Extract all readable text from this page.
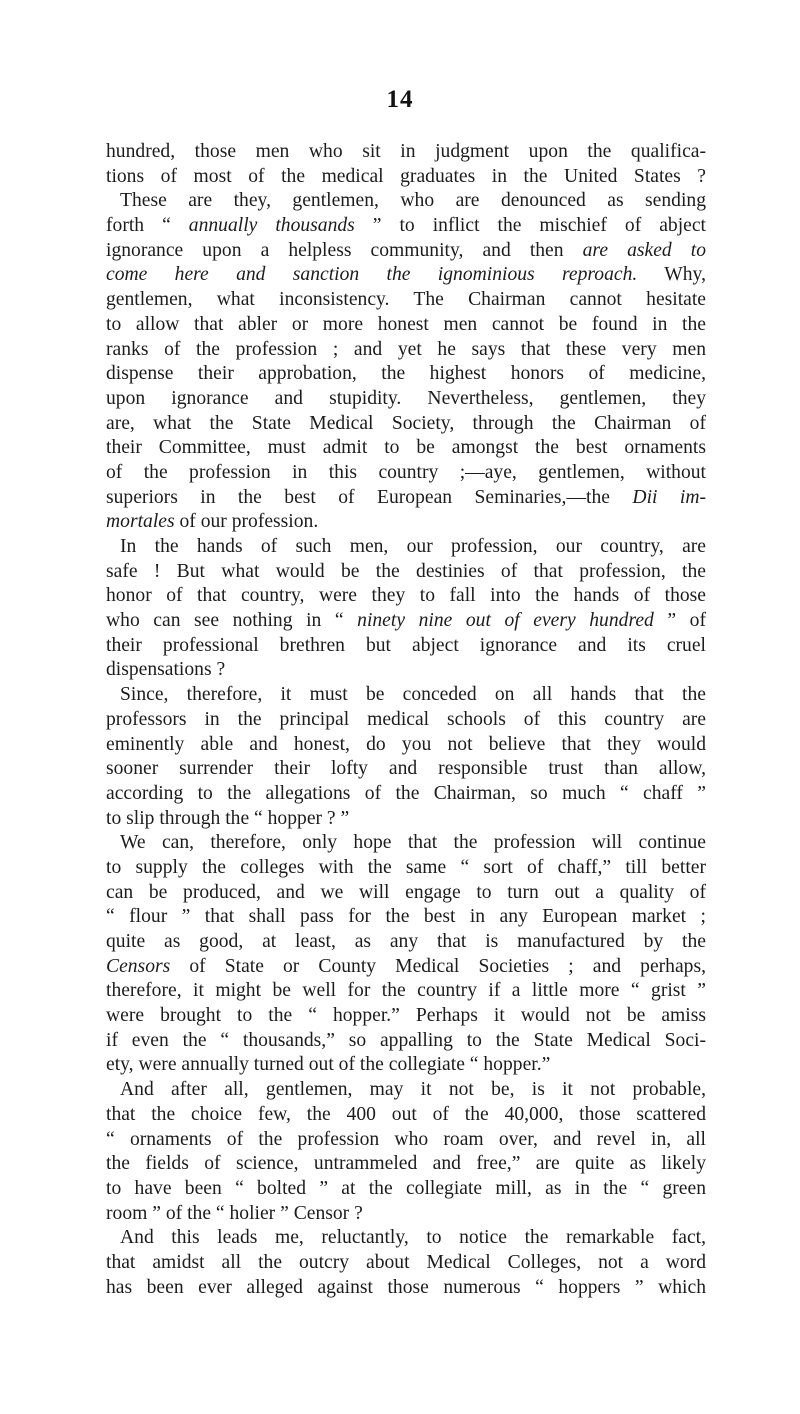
14
hundred, those men who sit in judgment upon the qualifica-
tions of most of the medical graduates in the United States ?
These are they, gentlemen, who are denounced as sending
forth “ annually thousands ” to inflict the mischief of abject
ignorance upon a helpless community, and then are asked to
come here and sanction the ignominious reproach. Why,
gentlemen, what inconsistency. The Chairman cannot hesitate
to allow that abler or more honest men cannot be found in the
ranks of the profession ; and yet he says that these very men
dispense their approbation, the highest honors of medicine,
upon ignorance and stupidity. Nevertheless, gentlemen, they
are, what the State Medical Society, through the Chairman of
their Committee, must admit to be amongst the best ornaments
of the profession in this country ;—aye, gentlemen, without
superiors in the best of European Seminaries,—the Dii im-
mortales of our profession.
In the hands of such men, our profession, our country, are
safe ! But what would be the destinies of that profession, the
honor of that country, were they to fall into the hands of those
who can see nothing in “ ninety nine out of every hundred ” of
their professional brethren but abject ignorance and its cruel
dispensations ?
Since, therefore, it must be conceded on all hands that the
professors in the principal medical schools of this country are
eminently able and honest, do you not believe that they would
sooner surrender their lofty and responsible trust than allow,
according to the allegations of the Chairman, so much “ chaff ”
to slip through the “ hopper ? ”
We can, therefore, only hope that the profession will continue
to supply the colleges with the same “ sort of chaff,” till better
can be produced, and we will engage to turn out a quality of
“ flour ” that shall pass for the best in any European market ;
quite as good, at least, as any that is manufactured by the
Censors of State or County Medical Societies ; and perhaps,
therefore, it might be well for the country if a little more “ grist ”
were brought to the “ hopper.” Perhaps it would not be amiss
if even the “ thousands,” so appalling to the State Medical Soci-
ety, were annually turned out of the collegiate “ hopper.”
And after all, gentlemen, may it not be, is it not probable,
that the choice few, the 400 out of the 40,000, those scattered
“ ornaments of the profession who roam over, and revel in, all
the fields of science, untrammeled and free,” are quite as likely
to have been “ bolted ” at the collegiate mill, as in the “ green
room ” of the “ holier ” Censor ?
And this leads me, reluctantly, to notice the remarkable fact,
that amidst all the outcry about Medical Colleges, not a word
has been ever alleged against those numerous “ hoppers ” which
